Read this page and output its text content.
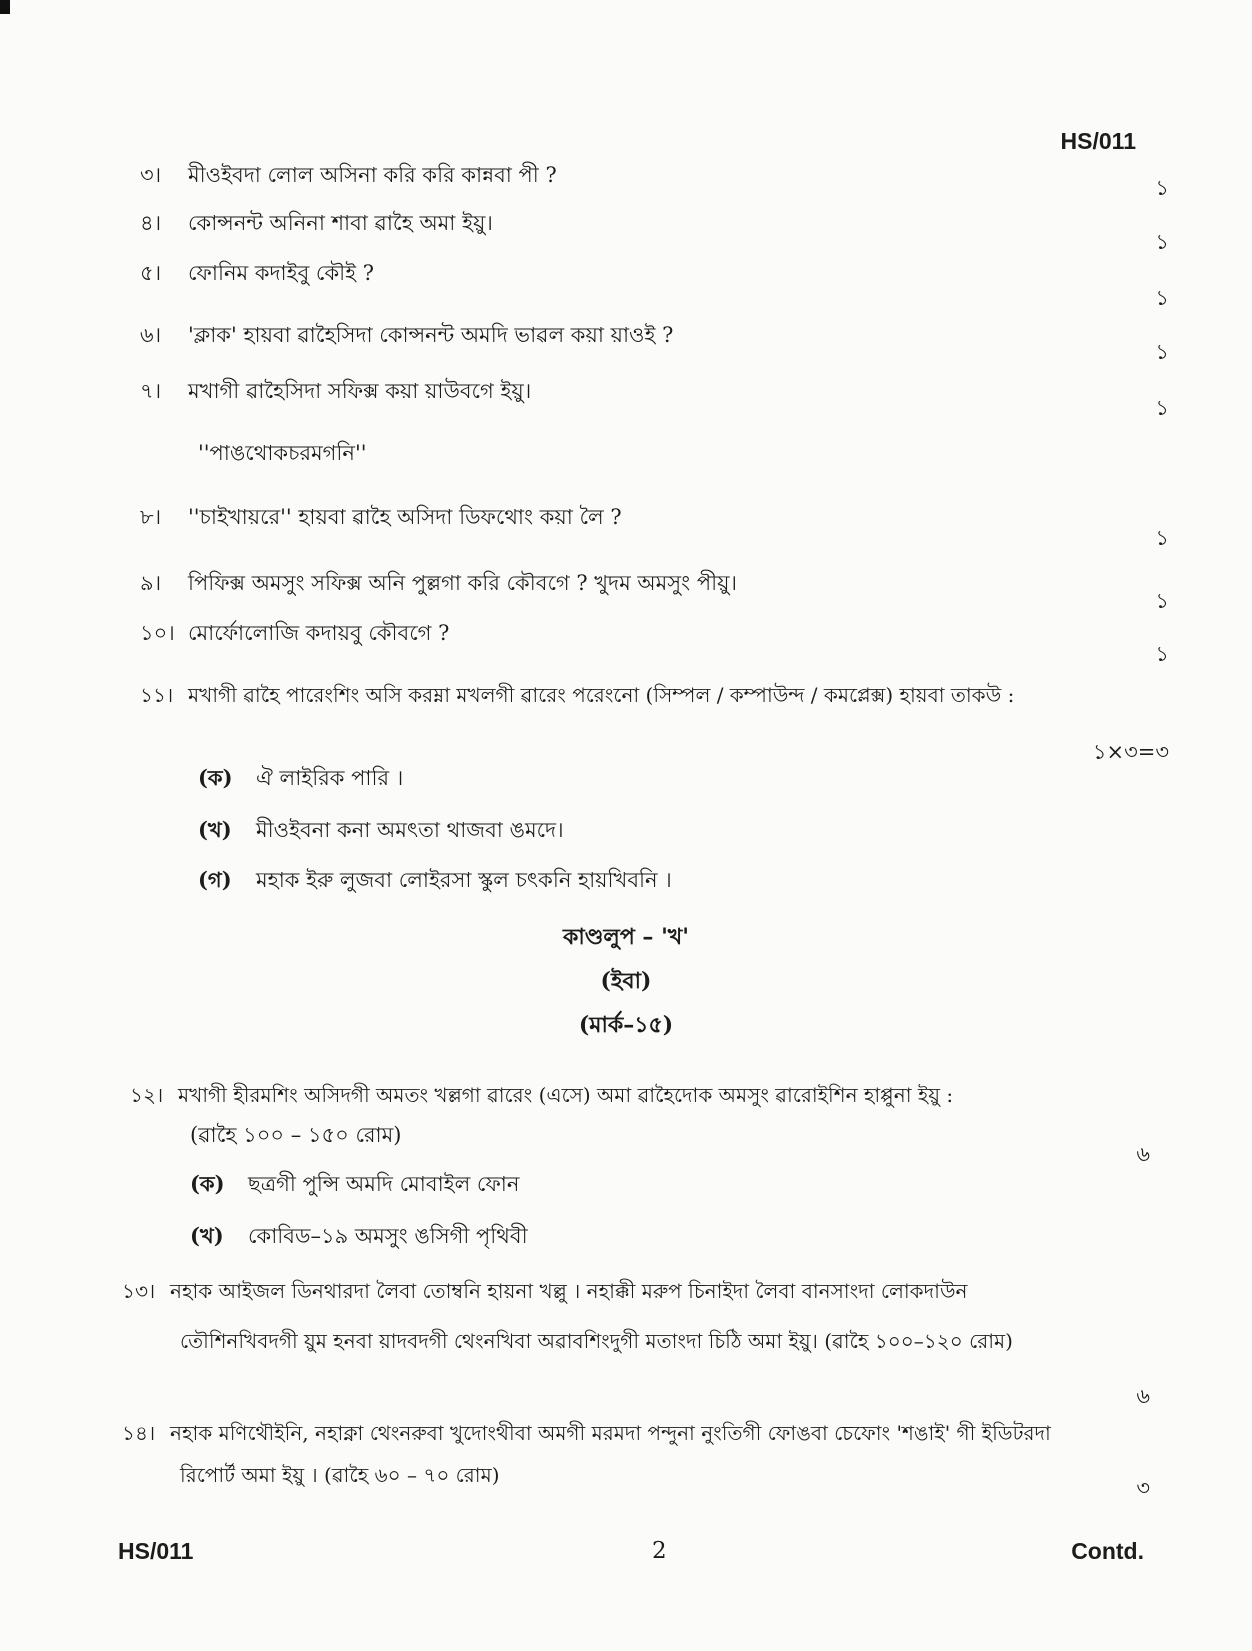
HS/011
৩। মীওইবদা লোল অসিনা করি করি কান্নবা পী ?
১
৪। কোন্সনন্ট অনিনা শাবা ৱাহৈ অমা ইয়ু।
১
৫। ফোনিম কদাইবু কৌই ?
১
৬। 'ক্লাক' হায়বা ৱাহৈসিদা কোন্সনন্ট অমদি ভাৱল কয়া য়াওই ?
১
৭। মখাগী ৱাহৈসিদা সফিক্স কয়া য়াউবগে ইয়ু।
১
''পাঙথোকচরমগনি''
৮। ''চাইখায়রে'' হায়বা ৱাহৈ অসিদা ডিফথোং কয়া লৈ ?
১
৯। পিফিক্স অমসুং সফিক্স অনি পুল্লগা করি কৌবগে ? খুদম অমসুং পীয়ু।
১
১০। মোর্ফোলোজি কদায়বু কৌবগে ?
১
১১। মখাগী ৱাহৈ পারেংশিং অসি করম্না মখলগী ৱারেং পরেংনো (সিম্পল / কম্পাউন্দ / কমপ্লেক্স) হায়বা তাকউ :
১×৩=৩
(ক) ঐ লাইরিক পারি ।
(খ) মীওইবনা কনা অমৎতা থাজবা ঙমদে।
(গ) মহাক ইরু লুজবা লোইরসা স্কুল চৎকনি হায়খিবনি ।
কাণ্ডলুপ – 'খ'
(ইবা)
(মার্ক–১৫)
১২। মখাগী হীরমশিং অসিদগী অমতং খল্লগা ৱারেং (এসে) অমা ৱাহৈদোক অমসুং ৱারোইশিন হাপ্পুনা ইয়ু :
(ৱাহৈ ১০০ – ১৫০ রোম)
৬
(ক) ছত্রগী পুন্সি অমদি মোবাইল ফোন
(খ) কোবিড–১৯ অমসুং ঙসিগী পৃথিবী
১৩। নহাক আইজল ডিনথারদা লৈবা তোম্বনি হায়না খল্লু । নহাক্কী মরুপ চিনাইদা লৈবা বানসাংদা লোকদাউন
তৌশিনখিবদগী য়ুম হনবা য়াদবদগী থেংনখিবা অৱাবশিংদুগী মতাংদা চিঠি অমা ইয়ু। (ৱাহৈ ১০০–১২০ রোম)
৬
১৪। নহাক মণিথৌইনি, নহাক্না থেংনরুবা খুদোংথীবা অমগী মরমদা পন্দুনা নুংতিগী ফোঙবা চেফোং 'শঙাই' গী ইডিটরদা
রিপোর্ট অমা ইয়ু । (ৱাহৈ ৬০ – ৭০ রোম)
৩
HS/011	2	Contd.
